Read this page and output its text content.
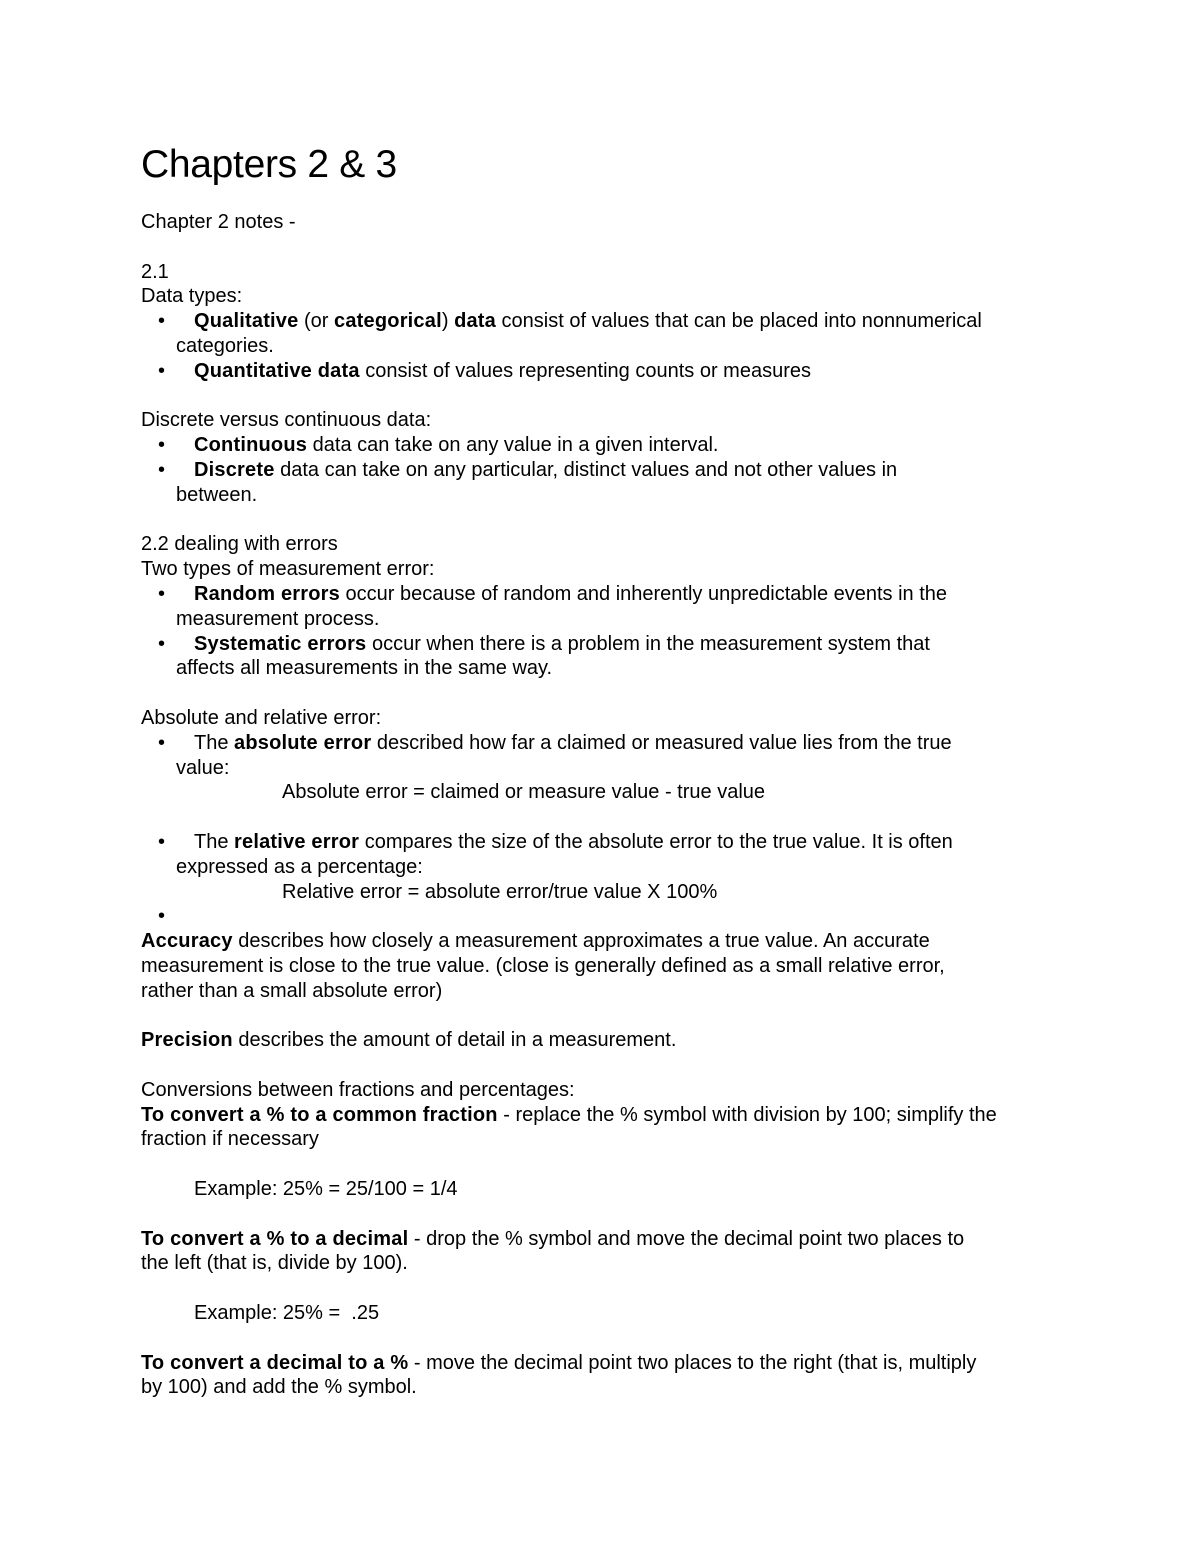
Chapters 2 & 3

Chapter 2 notes -

2.1

Data types:

• Qualitative (or categorical) data consist of values that can be placed into nonnumerical
categories.
• Quantitative data consist of values representing counts or measures

Discrete versus continuous data:

• Continuous data can take on any value in a given interval.
• Discrete data can take on any particular, distinct values and not other values in
between.

2.2 dealing with errors

Two types of measurement error:

• Random errors occur because of random and inherently unpredictable events in the
measurement process.
• Systematic errors occur when there is a problem in the measurement system that
affects all measurements in the same way.

Absolute and relative error:

• The absolute error described how far a claimed or measured value lies from the true
value:
Absolute error = claimed or measure value - true value
• The relative error compares the size of the absolute error to the true value. It is often
expressed as a percentage:
Relative error = absolute error/true value X 100%
•

Accuracy describes how closely a measurement approximates a true value. An accurate

measurement is close to the true value. (close is generally defined as a small relative error,

rather than a small absolute error)

Precision describes the amount of detail in a measurement.

Conversions between fractions and percentages:

To convert a % to a common fraction - replace the % symbol with division by 100; simplify the

fraction if necessary

Example: 25% = 25/100 = 1/4

To convert a % to a decimal - drop the % symbol and move the decimal point two places to

the left (that is, divide by 100).

Example: 25% =  .25

To convert a decimal to a % - move the decimal point two places to the right (that is, multiply

by 100) and add the % symbol.
